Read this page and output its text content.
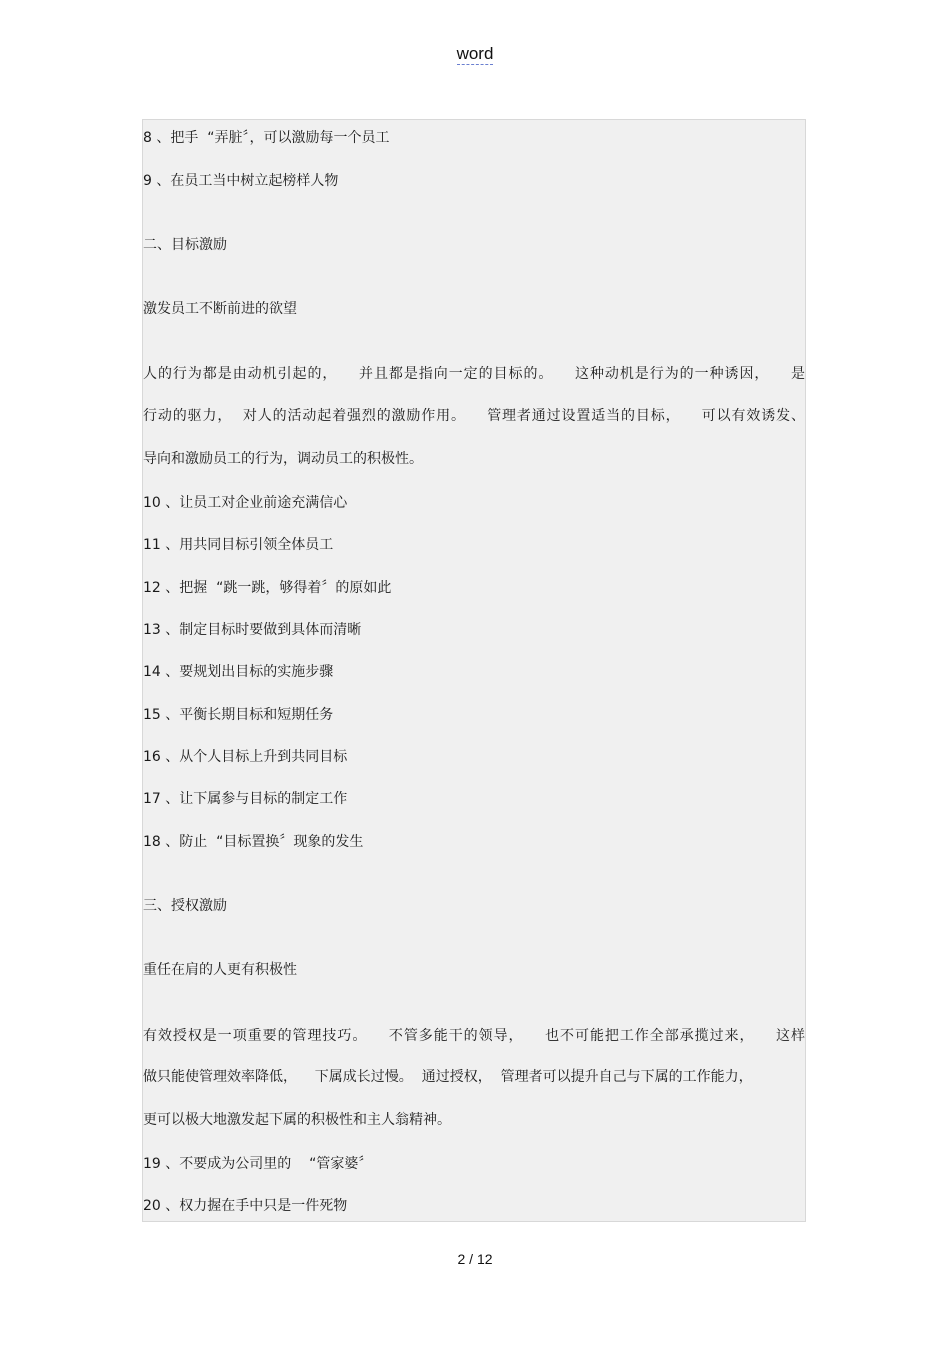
word
8 、把手  “弄脏〞，可以激励每一个员工
9 、在员工当中树立起榜样人物
二、目标激励
激发员工不断前进的欲望
人的行为都是由动机引起的，    并且都是指向一定的目标的。    这种动机是行为的一种诱因，    是
行动的驱力，  对人的活动起着强烈的激励作用。    管理者通过设置适当的目标，    可以有效诱发、
导向和激励员工的行为，调动员工的积极性。
10 、让员工对企业前途充满信心
11 、用共同目标引领全体员工
12 、把握  “跳一跳，够得着〞的原如此
13 、制定目标时要做到具体而清晰
14 、要规划出目标的实施步骤
15 、平衡长期目标和短期任务
16 、从个人目标上升到共同目标
17 、让下属参与目标的制定工作
18 、防止  “目标置换〞现象的发生
三、授权激励
重任在肩的人更有积极性
有效授权是一项重要的管理技巧。    不管多能干的领导，    也不可能把工作全部承揽过来，    这样
做只能使管理效率降低，    下属成长过慢。  通过授权，  管理者可以提升自己与下属的工作能力，
更可以极大地激发起下属的积极性和主人翁精神。
19 、不要成为公司里的    “管家婆〞
20 、权力握在手中只是一件死物
2 / 12
